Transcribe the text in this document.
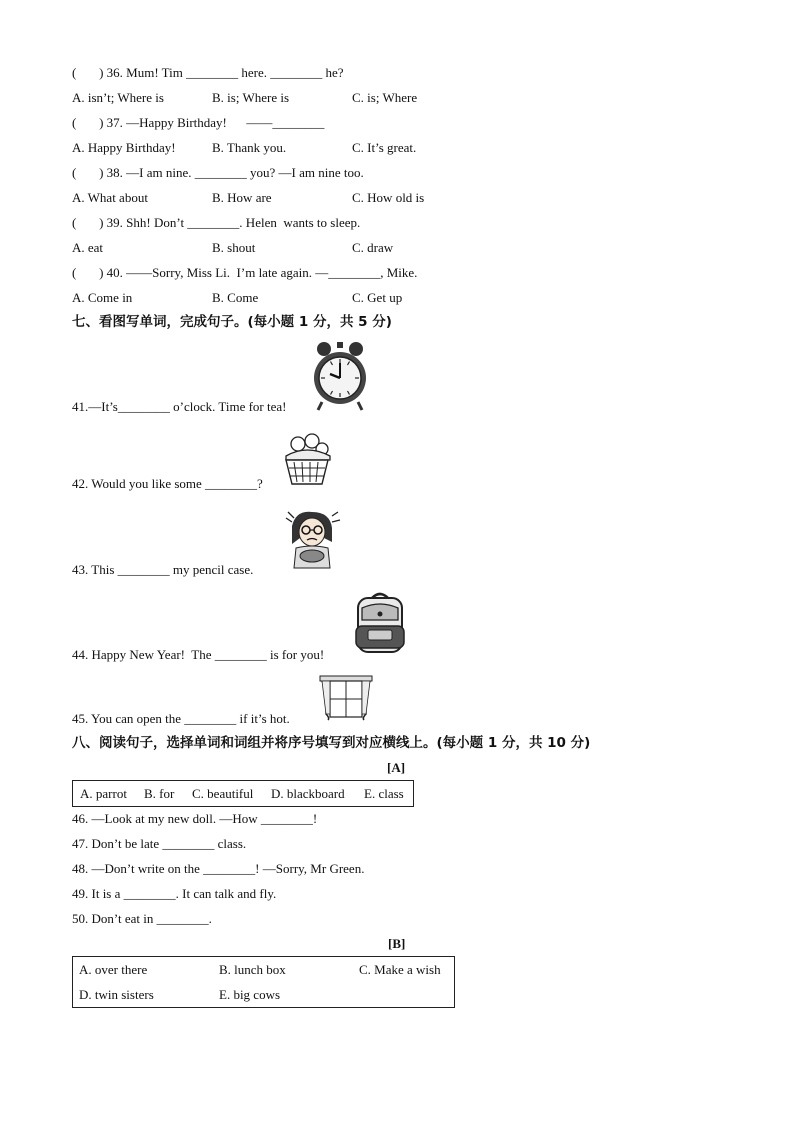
(       ) 36. Mum! Tim ________ here. ________ he?
A. isn’t; Where is	B. is; Where is	C. is; Where
(       ) 37. —Happy Birthday!      ——________
A. Happy Birthday!	B. Thank you.	C. It’s great.
(       ) 38. —I am nine. ________ you? —I am nine too.
A. What about	B. How are	C. How old is
(       ) 39. Shh! Don’t ________. Helen  wants to sleep.
A. eat	B. shout	C. draw
(       ) 40. ——Sorry, Miss Li.  I’m late again. —________, Mike.
A. Come in	B. Come	C. Get up
七、看图写单词，完成句子。(每小题 1 分，共 5 分)
41.—It’s________ o’clock. Time for tea!
42. Would you like some ________?
43. This ________ my pencil case.
44. Happy New Year!  The ________ is for you!
45. You can open the ________ if it’s hot.
八、阅读句子，选择单词和词组并将序号填写到对应横线上。(每小题 1 分，共 10 分)
[A]
A. parrot B. for C. beautiful D. blackboard E. class
46. —Look at my new doll. —How ________!
47. Don’t be late ________ class.
48. —Don’t write on the ________! —Sorry, Mr Green.
49. It is a ________. It can talk and fly.
50. Don’t eat in ________.
[B]
A. over there	B. lunch box	C. Make a wish
D. twin sisters	E. big cows
